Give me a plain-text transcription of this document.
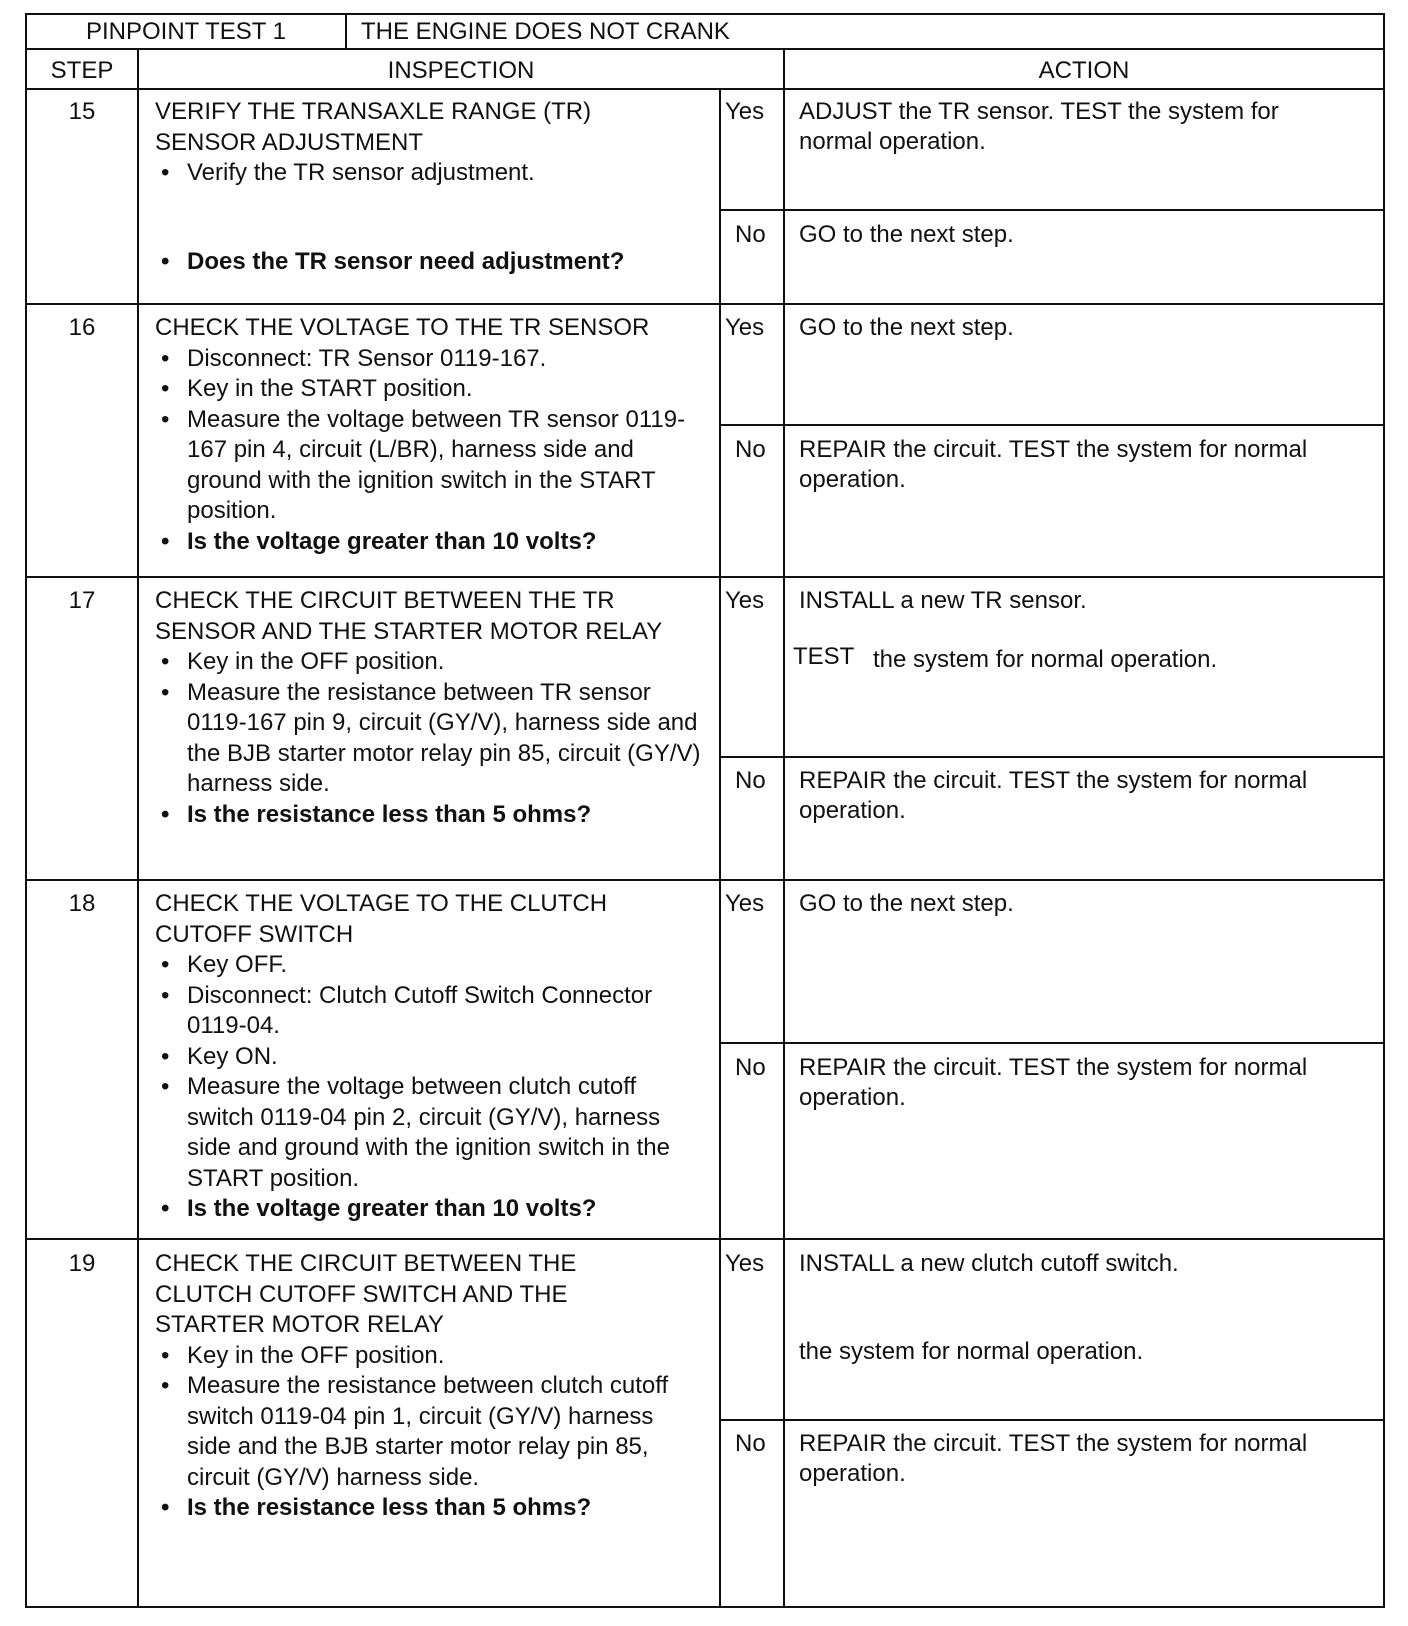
PINPOINT TEST 1	THE ENGINE DOES NOT CRANK
STEP	INSPECTION	ACTION
15	VERIFY THE TRANSAXLE RANGE (TR) SENSOR ADJUSTMENT

• Verify the TR sensor adjustment.
• Does the TR sensor need adjustment?
Yes ADJUST the TR sensor. TEST the system for normal operation.
No GO to the next step.
16	CHECK THE VOLTAGE TO THE TR SENSOR

• Disconnect: TR Sensor 0119-167.
• Key in the START position.
• Measure the voltage between TR sensor 0119-167 pin 4, circuit (L/BR), harness side and ground with the ignition switch in the START position.
• Is the voltage greater than 10 volts?
Yes GO to the next step.
No REPAIR the circuit. TEST the system for normal operation.
17	CHECK THE CIRCUIT BETWEEN THE TR SENSOR AND THE STARTER MOTOR RELAY

• Key in the OFF position.
• Measure the resistance between TR sensor 0119-167 pin 9, circuit (GY/V), harness side and the BJB starter motor relay pin 85, circuit (GY/V) harness side.
• Is the resistance less than 5 ohms?
Yes INSTALL a new TR sensor.
TEST the system for normal operation.
No REPAIR the circuit. TEST the system for normal operation.
18	CHECK THE VOLTAGE TO THE CLUTCH CUTOFF SWITCH

• Key OFF.
• Disconnect: Clutch Cutoff Switch Connector 0119-04.
• Key ON.
• Measure the voltage between clutch cutoff switch 0119-04 pin 2, circuit (GY/V), harness side and ground with the ignition switch in the START position.
• Is the voltage greater than 10 volts?
Yes GO to the next step.
No REPAIR the circuit. TEST the system for normal operation.
19	CHECK THE CIRCUIT BETWEEN THE CLUTCH CUTOFF SWITCH AND THE STARTER MOTOR RELAY

• Key in the OFF position.
• Measure the resistance between clutch cutoff switch 0119-04 pin 1, circuit (GY/V) harness side and the BJB starter motor relay pin 85, circuit (GY/V) harness side.
• Is the resistance less than 5 ohms?
Yes INSTALL a new clutch cutoff switch.
the system for normal operation.
No REPAIR the circuit. TEST the system for normal operation.
